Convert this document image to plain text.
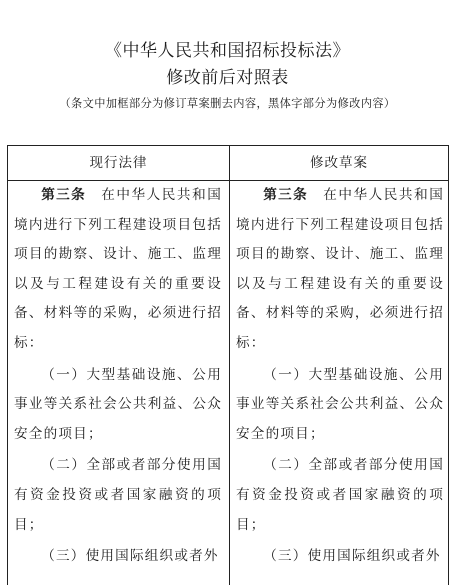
《中华人民共和国招标投标法》
修改前后对照表
（条文中加框部分为修订草案删去内容，黑体字部分为修改内容）
现行法律	修改草案

第三条　 在中华人民共和国境内进行下列工程建设项目包括项目的勘察、设计、施工、监理以及与工程建设有关的重要设备、材料等的采购，必须进行招标：

（一）大型基础设施、公用事业等关系社会公共利益、公众安全的项目；

（二）全部或者部分使用国有资金投资或者国家融资的项目；

（三）使用国际组织或者外

第三条　 在中华人民共和国境内进行下列工程建设项目包括项目的勘察、设计、施工、监理以及与工程建设有关的重要设备、材料等的采购，必须进行招标：

（一）大型基础设施、公用事业等关系社会公共利益、公众安全的项目；

（二）全部或者部分使用国有资金投资或者国家融资的项目；

（三）使用国际组织或者外
